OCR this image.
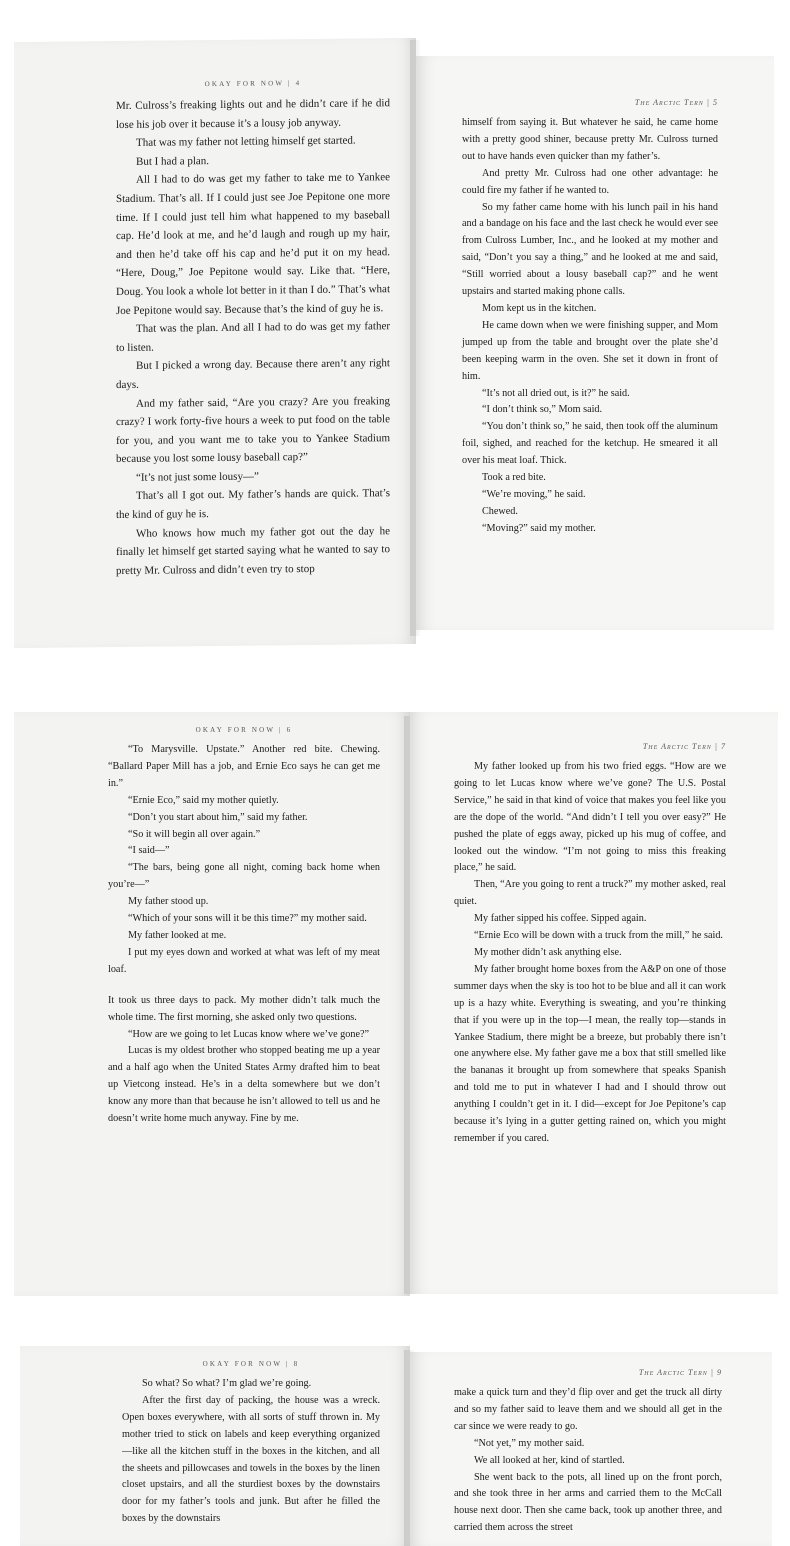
OKAY FOR NOW | 4

Mr. Culross’s freaking lights out and he didn’t care if he did lose his job over it because it’s a lousy job anyway.

That was my father not letting himself get started.

But I had a plan.

All I had to do was get my father to take me to Yankee Stadium. That’s all. If I could just see Joe Pepitone one more time. If I could just tell him what happened to my baseball cap. He’d look at me, and he’d laugh and rough up my hair, and then he’d take off his cap and he’d put it on my head. “Here, Doug,” Joe Pepitone would say. Like that. “Here, Doug. You look a whole lot better in it than I do.” That’s what Joe Pepitone would say. Because that’s the kind of guy he is.

That was the plan. And all I had to do was get my father to listen.

But I picked a wrong day. Because there aren’t any right days.

And my father said, “Are you crazy? Are you freaking crazy? I work forty-five hours a week to put food on the table for you, and you want me to take you to Yankee Stadium because you lost some lousy baseball cap?”

“It’s not just some lousy—”

That’s all I got out. My father’s hands are quick. That’s the kind of guy he is.

Who knows how much my father got out the day he finally let himself get started saying what he wanted to say to pretty Mr. Culross and didn’t even try to stop

The Arctic Tern | 5

himself from saying it. But whatever he said, he came home with a pretty good shiner, because pretty Mr. Culross turned out to have hands even quicker than my father’s.

And pretty Mr. Culross had one other advantage: he could fire my father if he wanted to.

So my father came home with his lunch pail in his hand and a bandage on his face and the last check he would ever see from Culross Lumber, Inc., and he looked at my mother and said, “Don’t you say a thing,” and he looked at me and said, “Still worried about a lousy baseball cap?” and he went upstairs and started making phone calls.

Mom kept us in the kitchen.

He came down when we were finishing supper, and Mom jumped up from the table and brought over the plate she’d been keeping warm in the oven. She set it down in front of him.

“It’s not all dried out, is it?” he said.

“I don’t think so,” Mom said.

“You don’t think so,” he said, then took off the aluminum foil, sighed, and reached for the ketchup. He smeared it all over his meat loaf. Thick.

Took a red bite.

“We’re moving,” he said.

Chewed.

“Moving?” said my mother.

OKAY FOR NOW | 6

“To Marysville. Upstate.” Another red bite. Chewing. “Ballard Paper Mill has a job, and Ernie Eco says he can get me in.”

“Ernie Eco,” said my mother quietly.

“Don’t you start about him,” said my father.

“So it will begin all over again.”

“I said—”

“The bars, being gone all night, coming back home when you’re—”

My father stood up.

“Which of your sons will it be this time?” my mother said.

My father looked at me.

I put my eyes down and worked at what was left of my meat loaf.

It took us three days to pack. My mother didn’t talk much the whole time. The first morning, she asked only two questions.

“How are we going to let Lucas know where we’ve gone?”

Lucas is my oldest brother who stopped beating me up a year and a half ago when the United States Army drafted him to beat up Vietcong instead. He’s in a delta somewhere but we don’t know any more than that because he isn’t allowed to tell us and he doesn’t write home much anyway. Fine by me.

The Arctic Tern | 7

My father looked up from his two fried eggs. “How are we going to let Lucas know where we’ve gone? The U.S. Postal Service,” he said in that kind of voice that makes you feel like you are the dope of the world. “And didn’t I tell you over easy?” He pushed the plate of eggs away, picked up his mug of coffee, and looked out the window. “I’m not going to miss this freaking place,” he said.

Then, “Are you going to rent a truck?” my mother asked, real quiet.

My father sipped his coffee. Sipped again.

“Ernie Eco will be down with a truck from the mill,” he said.

My mother didn’t ask anything else.

My father brought home boxes from the A&P on one of those summer days when the sky is too hot to be blue and all it can work up is a hazy white. Everything is sweating, and you’re thinking that if you were up in the top—I mean, the really top—stands in Yankee Stadium, there might be a breeze, but probably there isn’t one anywhere else. My father gave me a box that still smelled like the bananas it brought up from somewhere that speaks Spanish and told me to put in whatever I had and I should throw out anything I couldn’t get in it. I did—except for Joe Pepitone’s cap because it’s lying in a gutter getting rained on, which you might remember if you cared.

OKAY FOR NOW | 8

So what? So what? I’m glad we’re going.

After the first day of packing, the house was a wreck. Open boxes everywhere, with all sorts of stuff thrown in. My mother tried to stick on labels and keep everything organized—like all the kitchen stuff in the boxes in the kitchen, and all the sheets and pillowcases and towels in the boxes by the linen closet upstairs, and all the sturdiest boxes by the downstairs door for my father’s tools and junk. But after he filled the boxes by the downstairs

The Arctic Tern | 9

make a quick turn and they’d flip over and get the truck all dirty and so my father said to leave them and we should all get in the car since we were ready to go.

“Not yet,” my mother said.

We all looked at her, kind of startled.

She went back to the pots, all lined up on the front porch, and she took three in her arms and carried them to the McCall house next door. Then she came back, took up another three, and carried them across the street
